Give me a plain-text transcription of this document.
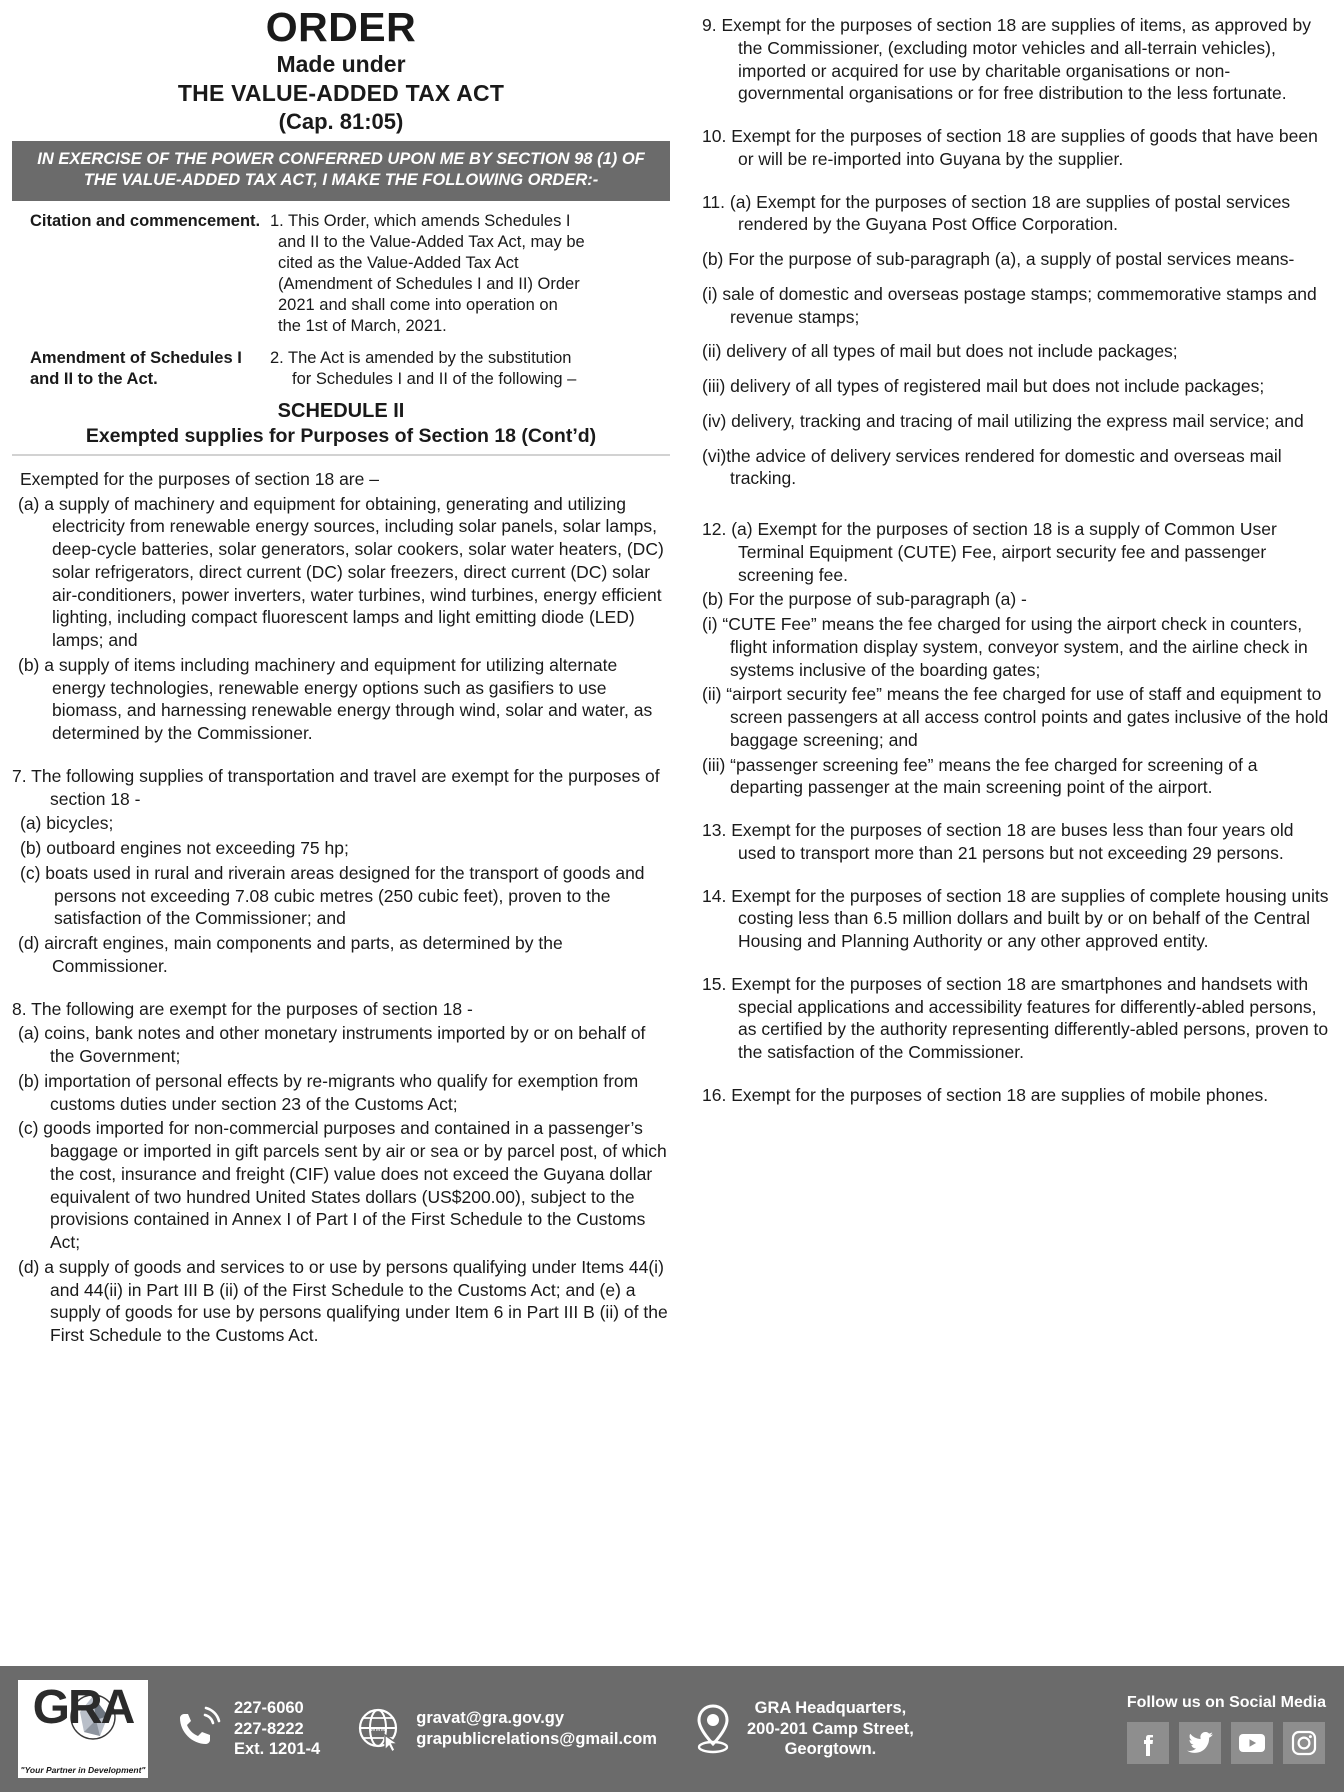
ORDER
Made under
THE VALUE-ADDED TAX ACT
(Cap. 81:05)
IN EXERCISE OF THE POWER CONFERRED UPON ME BY SECTION 98 (1) OF
THE VALUE-ADDED TAX ACT, I MAKE THE FOLLOWING ORDER:-
Citation and commencement. 1. This Order, which amends Schedules I
and II to the Value-Added Tax Act, may be
cited as the Value-Added Tax Act
(Amendment of Schedules I and II) Order
2021 and shall come into operation on
the 1st of March, 2021.
Amendment of Schedules I
and II to the Act.
2. The Act is amended by the substitution
for Schedules I and II of the following –
SCHEDULE II
Exempted supplies for Purposes of Section 18 (Cont’d)
Exempted for the purposes of section 18 are –
(a) a supply of machinery and equipment for obtaining, generating and utilizing electricity from renewable energy sources, including solar panels, solar lamps, deep-cycle batteries, solar generators, solar cookers, solar water heaters, (DC) solar refrigerators, direct current (DC) solar freezers, direct current (DC) solar air-conditioners, power inverters, water turbines, wind turbines, energy efficient lighting, including compact fluorescent lamps and light emitting diode (LED) lamps; and
(b) a supply of items including machinery and equipment for utilizing alternate energy technologies, renewable energy options such as gasifiers to use biomass, and harnessing renewable energy through wind, solar and water, as determined by the Commissioner.
7. The following supplies of transportation and travel are exempt for the purposes of section 18 -
(a) bicycles;
(b) outboard engines not exceeding 75 hp;
(c) boats used in rural and riverain areas designed for the transport of goods and persons not exceeding 7.08 cubic metres (250 cubic feet), proven to the satisfaction of the Commissioner; and
(d) aircraft engines, main components and parts, as determined by the Commissioner.
8. The following are exempt for the purposes of section 18 -
(a) coins, bank notes and other monetary instruments imported by or on behalf of the Government;
(b) importation of personal effects by re-migrants who qualify for exemption from customs duties under section 23 of the Customs Act;
(c) goods imported for non-commercial purposes and contained in a passenger’s baggage or imported in gift parcels sent by air or sea or by parcel post, of which the cost, insurance and freight (CIF) value does not exceed the Guyana dollar equivalent of two hundred United States dollars (US$200.00), subject to the provisions contained in Annex I of Part I of the First Schedule to the Customs Act;
(d) a supply of goods and services to or use by persons qualifying under Items 44(i) and 44(ii) in Part III B (ii) of the First Schedule to the Customs Act; and (e) a supply of goods for use by persons qualifying under Item 6 in Part III B (ii) of the First Schedule to the Customs Act.
9. Exempt for the purposes of section 18 are supplies of items, as approved by the Commissioner, (excluding motor vehicles and all-terrain vehicles), imported or acquired for use by charitable organisations or non-governmental organisations or for free distribution to the less fortunate.
10. Exempt for the purposes of section 18 are supplies of goods that have been or will be re-imported into Guyana by the supplier.
11. (a) Exempt for the purposes of section 18 are supplies of postal services rendered by the Guyana Post Office Corporation.
(b) For the purpose of sub-paragraph (a), a supply of postal services means-
(i) sale of domestic and overseas postage stamps; commemorative stamps and revenue stamps;
(ii) delivery of all types of mail but does not include packages;
(iii) delivery of all types of registered mail but does not include packages;
(iv) delivery, tracking and tracing of mail utilizing the express mail service; and
(vi)the advice of delivery services rendered for domestic and overseas mail tracking.
12. (a) Exempt for the purposes of section 18 is a supply of Common User Terminal Equipment (CUTE) Fee, airport security fee and passenger screening fee.
(b) For the purpose of sub-paragraph (a) -
(i) “CUTE Fee” means the fee charged for using the airport check in counters, flight information display system, conveyor system, and the airline check in systems inclusive of the boarding gates;
(ii) “airport security fee” means the fee charged for use of staff and equipment to screen passengers at all access control points and gates inclusive of the hold baggage screening; and
(iii) “passenger screening fee” means the fee charged for screening of a departing passenger at the main screening point of the airport.
13. Exempt for the purposes of section 18 are buses less than four years old used to transport more than 21 persons but not exceeding 29 persons.
14. Exempt for the purposes of section 18 are supplies of complete housing units costing less than 6.5 million dollars and built by or on behalf of the Central Housing and Planning Authority or any other approved entity.
15. Exempt for the purposes of section 18 are smartphones and handsets with special applications and accessibility features for differently-abled persons, as certified by the authority representing differently-abled persons, proven to the satisfaction of the Commissioner.
16. Exempt for the purposes of section 18 are supplies of mobile phones.
GRA
"Your Partner in Development"
227-6060
227-8222
Ext. 1201-4
www
gravat@gra.gov.gy
grapublicrelations@gmail.com
GRA Headquarters,
200-201 Camp Street,
Georgtown.
Follow us on Social Media
